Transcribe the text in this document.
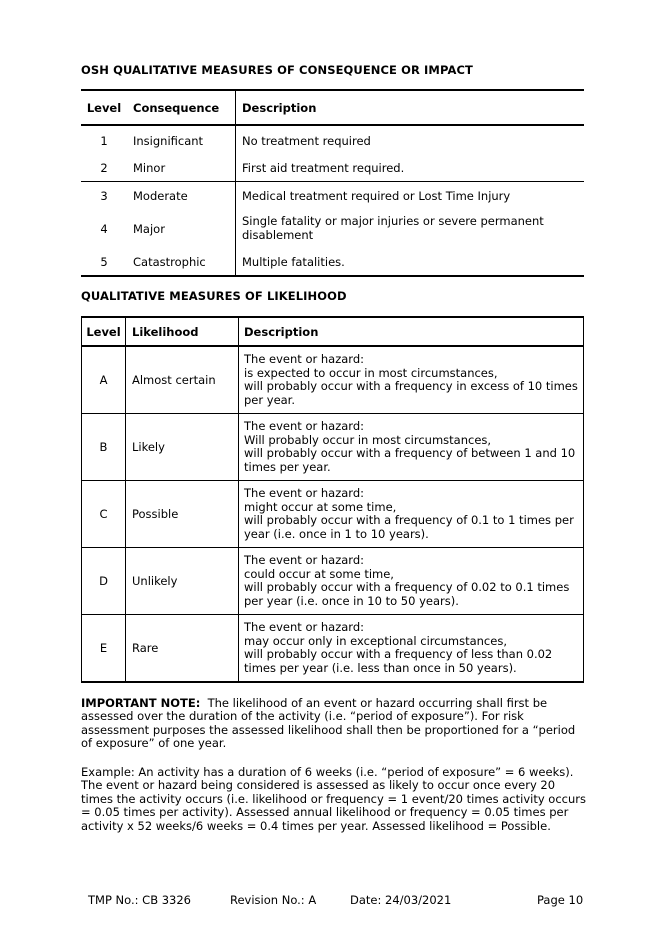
OSH QUALITATIVE MEASURES OF CONSEQUENCE OR IMPACT
Level	Consequence	Description
1	Insignificant	No treatment required
2	Minor	First aid treatment required.
3	Moderate	Medical treatment required or Lost Time Injury
4	Major	Single fatality or major injuries or severe permanent disablement
5	Catastrophic	Multiple fatalities.
QUALITATIVE MEASURES OF LIKELIHOOD
Level	Likelihood	Description
A	Almost certain	The event or hazard:
is expected to occur in most circumstances,
will probably occur with a frequency in excess of 10 times per year.

B	Likely	The event or hazard:
Will probably occur in most circumstances,
will probably occur with a frequency of between 1 and 10 times per year.

C	Possible	The event or hazard:
might occur at some time,
will probably occur with a frequency of 0.1 to 1 times per year (i.e. once in 1 to 10 years).

D	Unlikely	The event or hazard:
could occur at some time,
will probably occur with a frequency of 0.02 to 0.1 times per year (i.e. once in 10 to 50 years).

E	Rare	The event or hazard:
may occur only in exceptional circumstances,
will probably occur with a frequency of less than 0.02 times per year (i.e. less than once in 50 years).
IMPORTANT NOTE: The likelihood of an event or hazard occurring shall first be assessed over the duration of the activity (i.e. “period of exposure”). For risk assessment purposes the assessed likelihood shall then be proportioned for a “period of exposure” of one year.
Example: An activity has a duration of 6 weeks (i.e. “period of exposure” = 6 weeks). The event or hazard being considered is assessed as likely to occur once every 20 times the activity occurs (i.e. likelihood or frequency = 1 event/20 times activity occurs = 0.05 times per activity). Assessed annual likelihood or frequency = 0.05 times per activity x 52 weeks/6 weeks = 0.4 times per year. Assessed likelihood = Possible.
TMP No.: CB 3326	Revision No.: A	Date: 24/03/2021	Page 10
